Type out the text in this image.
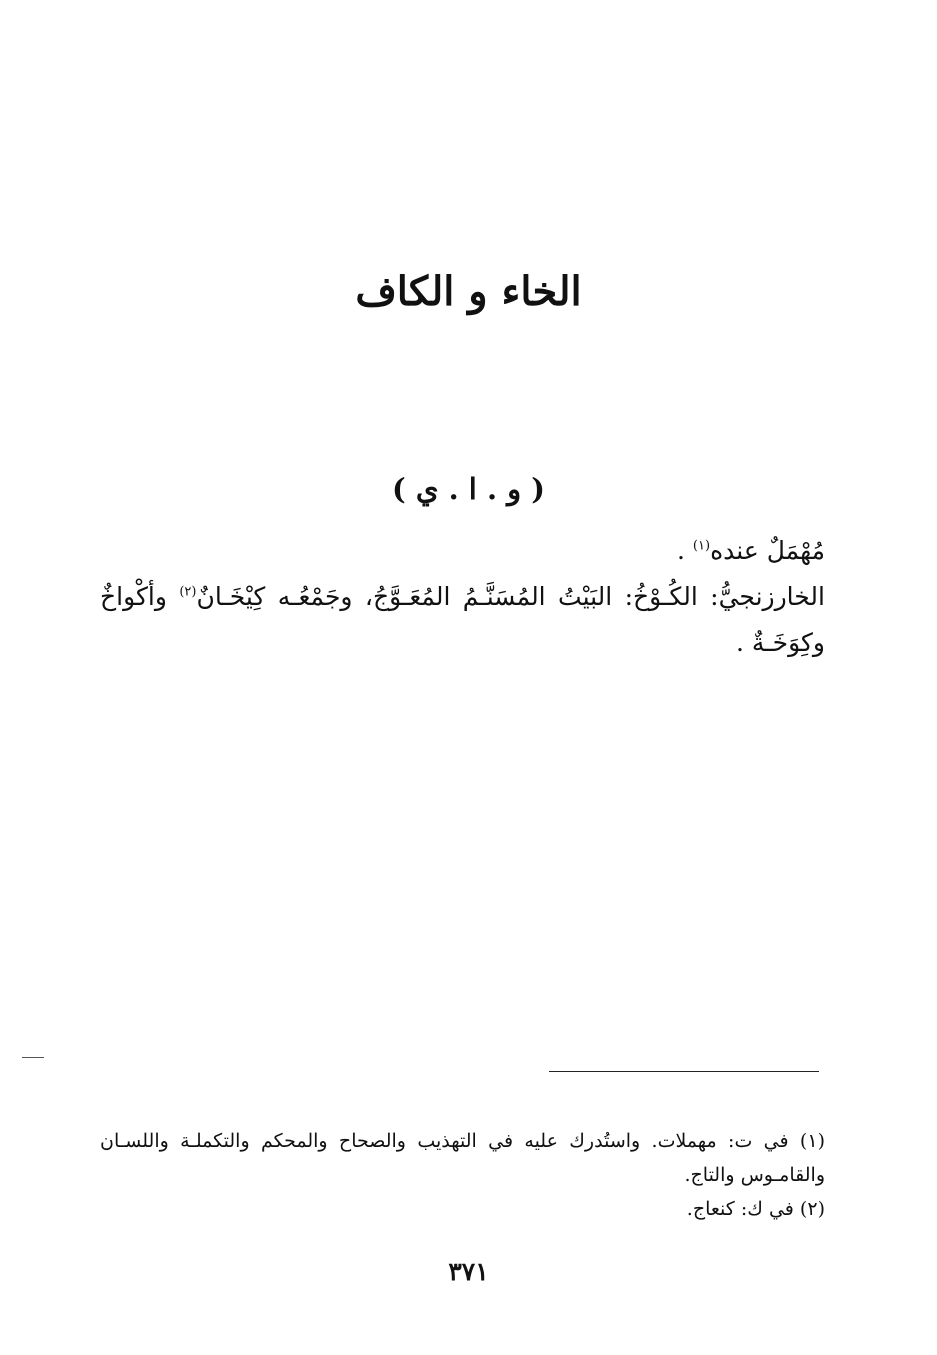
الخاء و الكاف
( و . ا . ي )

مُهْمَلٌ عنده$^{(١)}$ .

الخارزنجيُّ: الكُـوْخُ: البَيْتُ المُسَنَّـمُ المُعَـوَّجُ، وجَمْعُـه كِيْخَـانٌ$^{(٢)}$ وأكْواخٌ وكِوَخَـةٌ .

(١) في ت: مهملات. واستُدرك عليه في التهذيب والصحاح والمحكم والتكملـة واللسـان والقامـوس والتاج.

(٢) في ك: كنعاج.

٣٧١
